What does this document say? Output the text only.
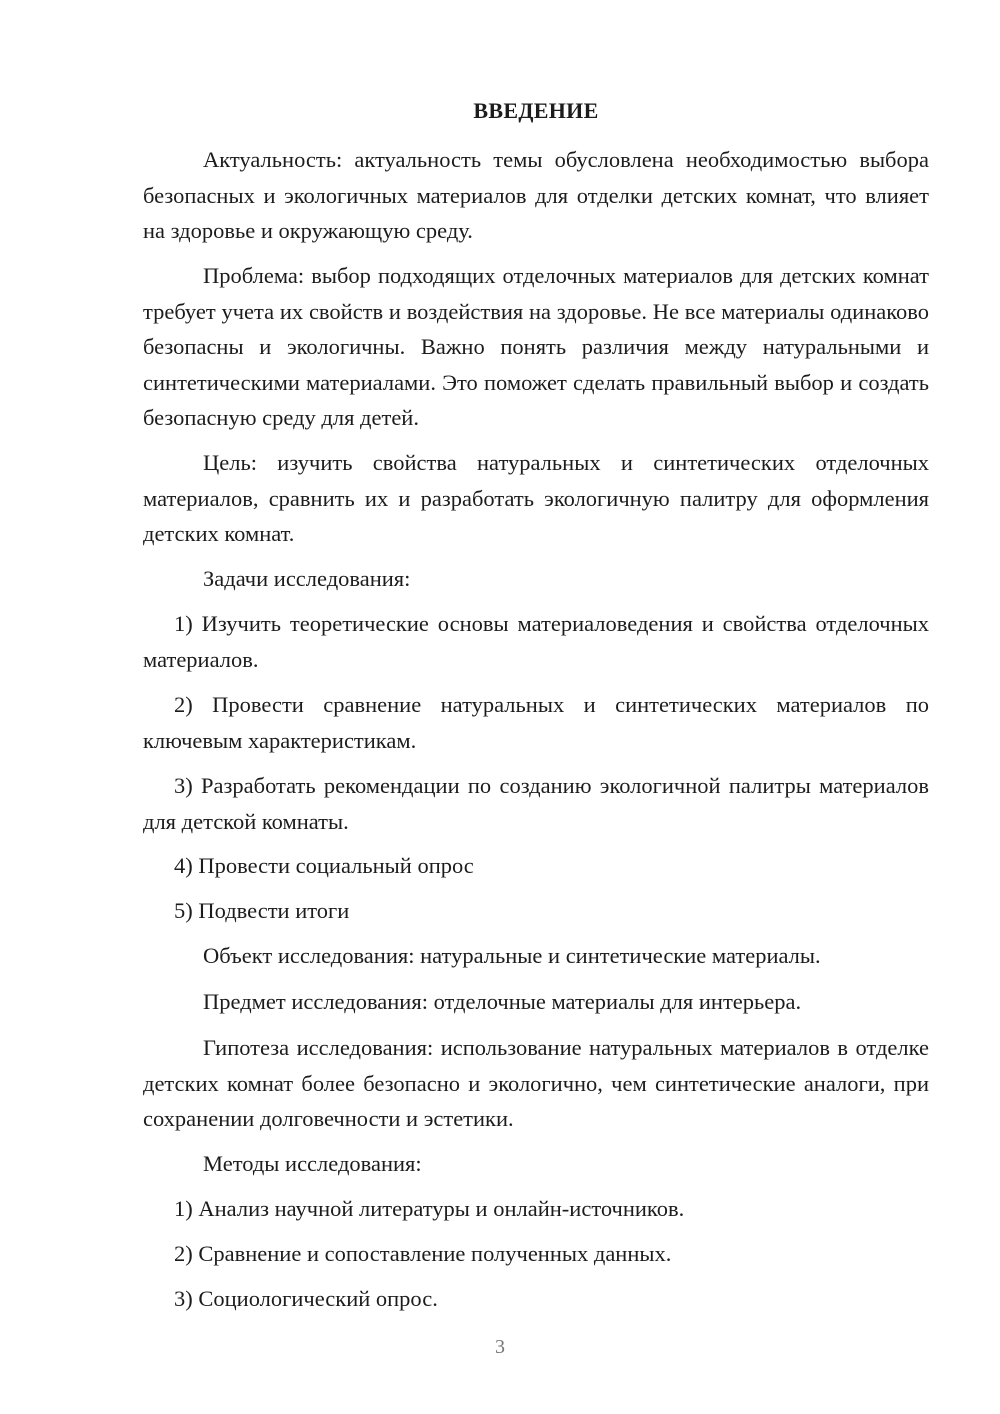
ВВЕДЕНИЕ

Актуальность: актуальность темы обусловлена необходимостью выбора безопасных и экологичных материалов для отделки детских комнат, что влияет на здоровье и окружающую среду.

Проблема: выбор подходящих отделочных материалов для детских комнат требует учета их свойств и воздействия на здоровье. Не все материалы одинаково безопасны и экологичны. Важно понять различия между натуральными и синтетическими материалами. Это поможет сделать правильный выбор и создать безопасную среду для детей.

Цель: изучить свойства натуральных и синтетических отделочных материалов, сравнить их и разработать экологичную палитру для оформления детских комнат.

Задачи исследования:

1) Изучить теоретические основы материаловедения и свойства отделочных материалов.

2) Провести сравнение натуральных и синтетических материалов по ключевым характеристикам.

3) Разработать рекомендации по созданию экологичной палитры материалов для детской комнаты.

4) Провести социальный опрос

5) Подвести итоги

Объект исследования: натуральные и синтетические материалы.

Предмет исследования: отделочные материалы для интерьера.

Гипотеза исследования: использование натуральных материалов в отделке детских комнат более безопасно и экологично, чем синтетические аналоги, при сохранении долговечности и эстетики.

Методы исследования:

1) Анализ научной литературы и онлайн-источников.

2) Сравнение и сопоставление полученных данных.

3) Социологический опрос.

3
